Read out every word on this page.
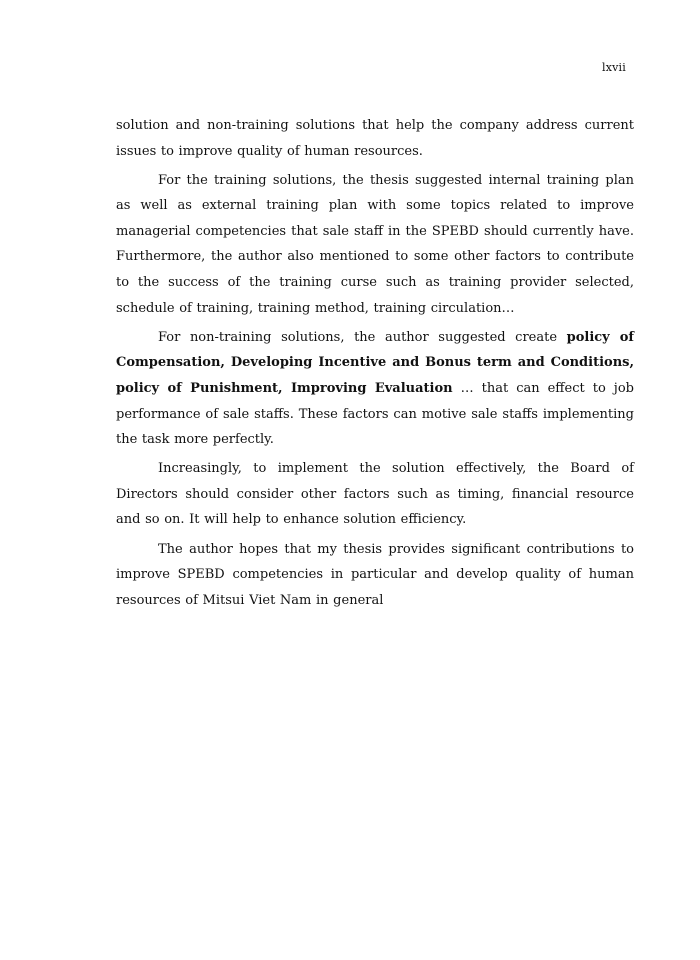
lxvii

solution and non-training solutions that help the company address current issues to improve quality of human resources.

For the training solutions, the thesis suggested internal training plan as well as external training plan with some topics related to improve managerial competencies that sale staff in the SPEBD should currently have. Furthermore, the author also mentioned to some other factors to contribute to the success of the training curse such as training provider selected, schedule of training, training method, training circulation…

For non-training solutions, the author suggested create policy of Compensation, Developing Incentive and Bonus term and Conditions, policy of Punishment, Improving Evaluation … that can effect to job performance of sale staffs. These factors can motive sale staffs implementing the task more perfectly.

Increasingly, to implement the solution effectively, the Board of Directors should consider other factors such as timing, financial resource and so on. It will help to enhance solution efficiency.

The author hopes that my thesis provides significant contributions to improve SPEBD competencies in particular and develop quality of human resources of Mitsui Viet Nam in general
